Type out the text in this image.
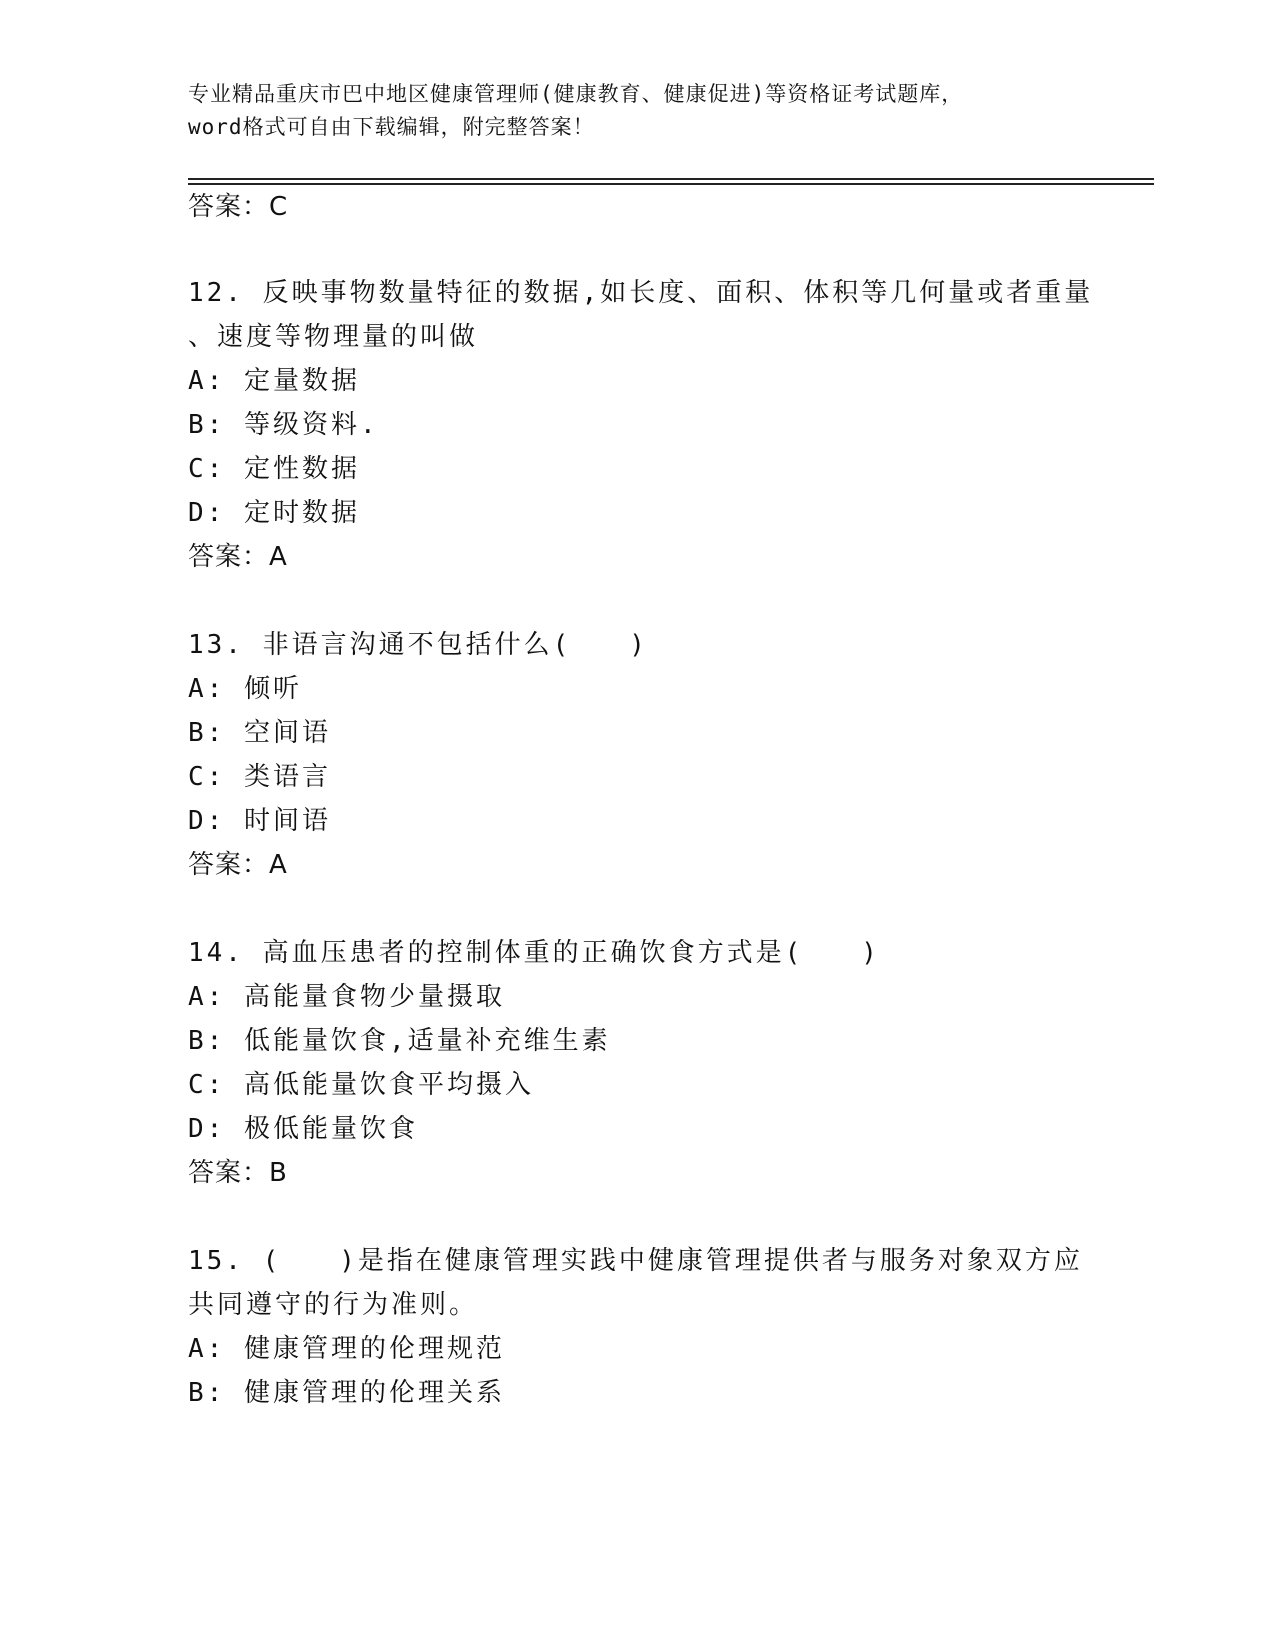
专业精品重庆市巴中地区健康管理师(健康教育、健康促进)等资格证考试题库，
word格式可自由下载编辑，附完整答案！
答案：C
12. 反映事物数量特征的数据,如长度、面积、体积等几何量或者重量
、速度等物理量的叫做
A: 定量数据
B: 等级资料.
C: 定性数据
D: 定时数据
答案：A
13. 非语言沟通不包括什么(　　)
A: 倾听
B: 空间语
C: 类语言
D: 时间语
答案：A
14. 高血压患者的控制体重的正确饮食方式是(　　)
A: 高能量食物少量摄取
B: 低能量饮食,适量补充维生素
C: 高低能量饮食平均摄入
D: 极低能量饮食
答案：B
15. (　　)是指在健康管理实践中健康管理提供者与服务对象双方应
共同遵守的行为准则。
A: 健康管理的伦理规范
B: 健康管理的伦理关系
